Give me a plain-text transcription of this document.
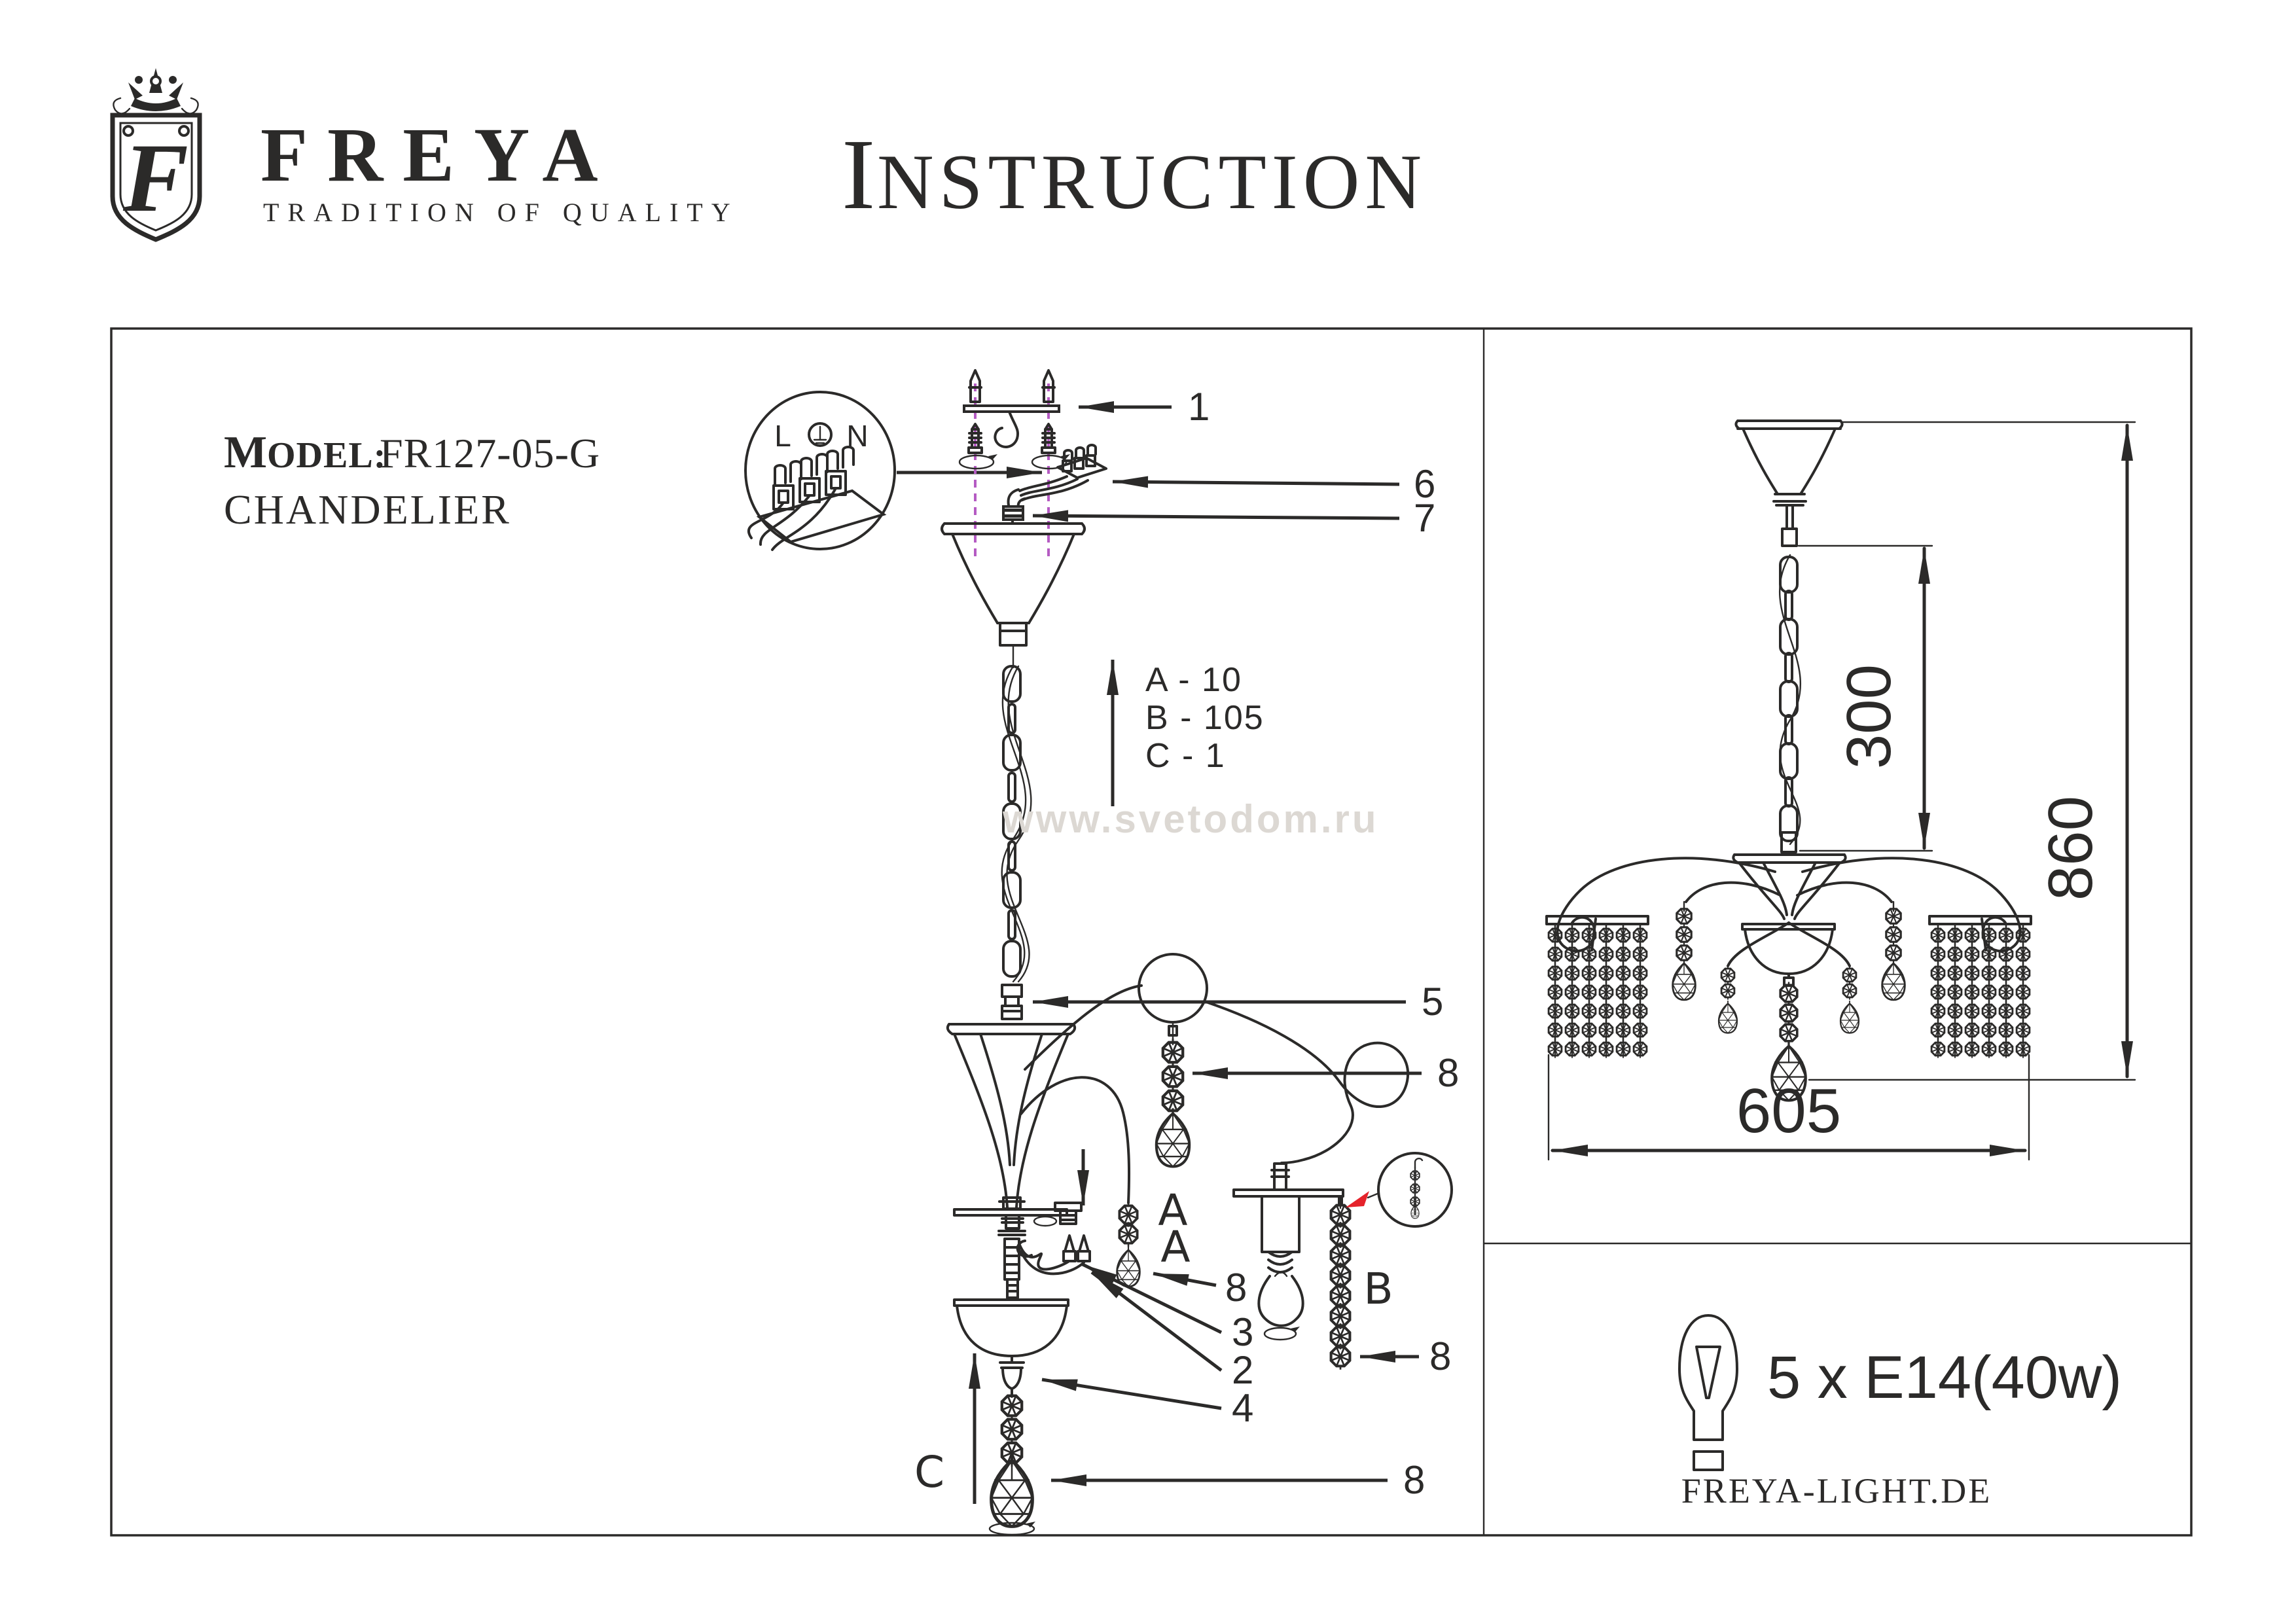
F FREYA
TRADITION OF QUALITY I NSTRUCTION
M ODEL:
FR127-05-G
CHANDELIER
L N
A
A
B
C
1
6
7
5
8
8
3
2
4
8
8
A - 10
B - 105
C - 1
www.svetodom.ru
300
860
605
5 x E14(40w)
FREYA-LIGHT.DE
